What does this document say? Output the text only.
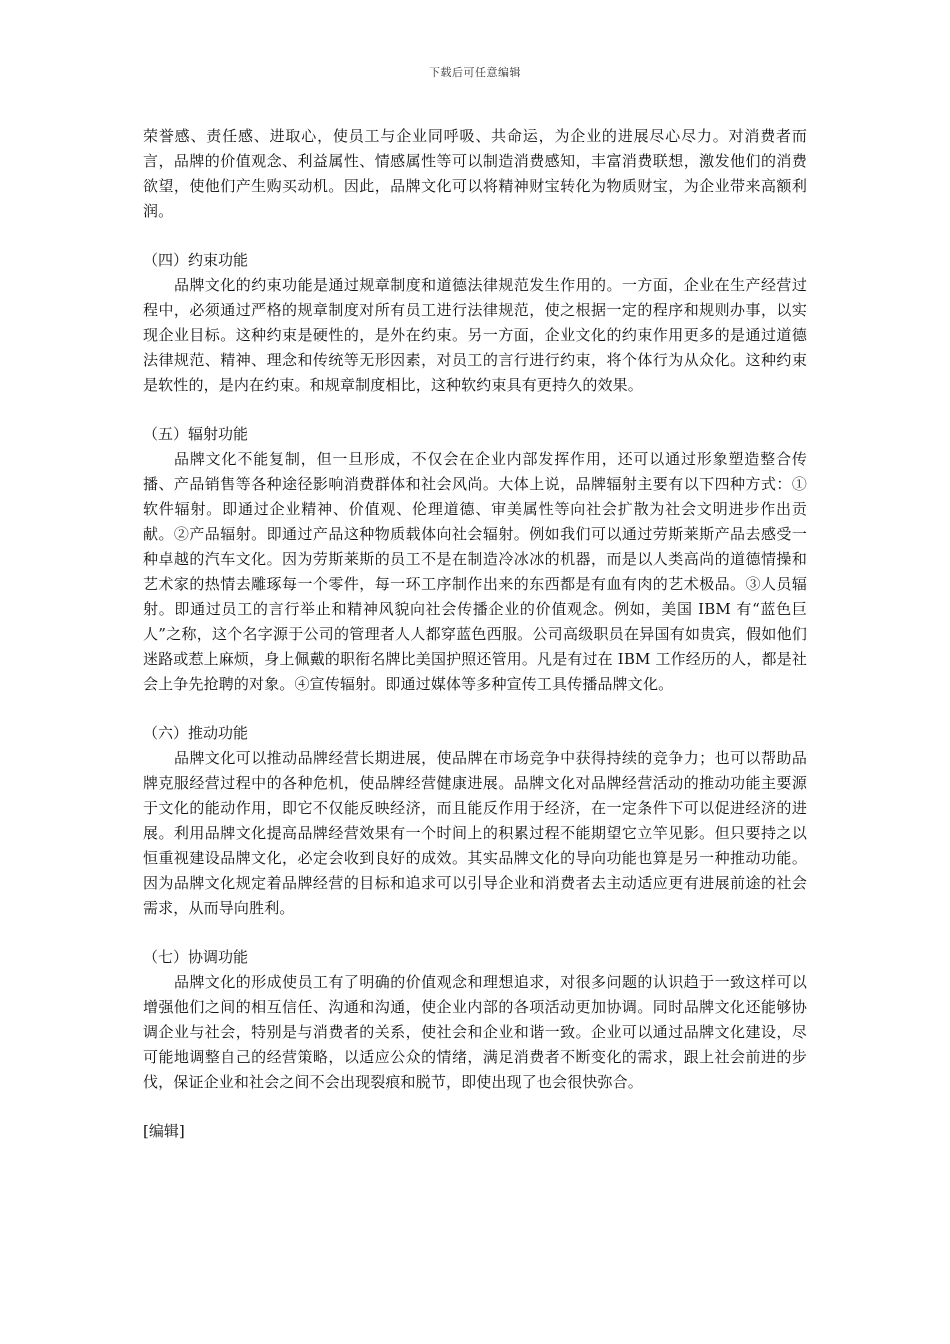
下载后可任意编辑

荣誉感、责任感、进取心，使员工与企业同呼吸、共命运，为企业的进展尽心尽力。对消费者而言，品牌的价值观念、利益属性、情感属性等可以制造消费感知，丰富消费联想，激发他们的消费欲望，使他们产生购买动机。因此，品牌文化可以将精神财宝转化为物质财宝，为企业带来高额利润。

（四）约束功能

品牌文化的约束功能是通过规章制度和道德法律规范发生作用的。一方面，企业在生产经营过程中，必须通过严格的规章制度对所有员工进行法律规范，使之根据一定的程序和规则办事，以实现企业目标。这种约束是硬性的，是外在约束。另一方面，企业文化的约束作用更多的是通过道德法律规范、精神、理念和传统等无形因素，对员工的言行进行约束，将个体行为从众化。这种约束是软性的，是内在约束。和规章制度相比，这种软约束具有更持久的效果。

（五）辐射功能

品牌文化不能复制，但一旦形成，不仅会在企业内部发挥作用，还可以通过形象塑造整合传播、产品销售等各种途径影响消费群体和社会风尚。大体上说，品牌辐射主要有以下四种方式：①软件辐射。即通过企业精神、价值观、伦理道德、审美属性等向社会扩散为社会文明进步作出贡献。②产品辐射。即通过产品这种物质载体向社会辐射。例如我们可以通过劳斯莱斯产品去感受一种卓越的汽车文化。因为劳斯莱斯的员工不是在制造冷冰冰的机器，而是以人类高尚的道德情操和艺术家的热情去雕琢每一个零件，每一环工序制作出来的东西都是有血有肉的艺术极品。③人员辐射。即通过员工的言行举止和精神风貌向社会传播企业的价值观念。例如，美国 IBM 有“蓝色巨人”之称，这个名字源于公司的管理者人人都穿蓝色西服。公司高级职员在异国有如贵宾，假如他们迷路或惹上麻烦，身上佩戴的职衔名牌比美国护照还管用。凡是有过在 IBM 工作经历的人，都是社会上争先抢聘的对象。④宣传辐射。即通过媒体等多种宣传工具传播品牌文化。

（六）推动功能

品牌文化可以推动品牌经营长期进展，使品牌在市场竞争中获得持续的竞争力；也可以帮助品牌克服经营过程中的各种危机，使品牌经营健康进展。品牌文化对品牌经营活动的推动功能主要源于文化的能动作用，即它不仅能反映经济，而且能反作用于经济，在一定条件下可以促进经济的进展。利用品牌文化提高品牌经营效果有一个时间上的积累过程不能期望它立竿见影。但只要持之以恒重视建设品牌文化，必定会收到良好的成效。其实品牌文化的导向功能也算是另一种推动功能。因为品牌文化规定着品牌经营的目标和追求可以引导企业和消费者去主动适应更有进展前途的社会需求，从而导向胜利。

（七）协调功能

品牌文化的形成使员工有了明确的价值观念和理想追求，对很多问题的认识趋于一致这样可以增强他们之间的相互信任、沟通和沟通，使企业内部的各项活动更加协调。同时品牌文化还能够协调企业与社会，特别是与消费者的关系，使社会和企业和谐一致。企业可以通过品牌文化建设，尽可能地调整自己的经营策略，以适应公众的情绪，满足消费者不断变化的需求，跟上社会前进的步伐，保证企业和社会之间不会出现裂痕和脱节，即使出现了也会很快弥合。

[编辑]
